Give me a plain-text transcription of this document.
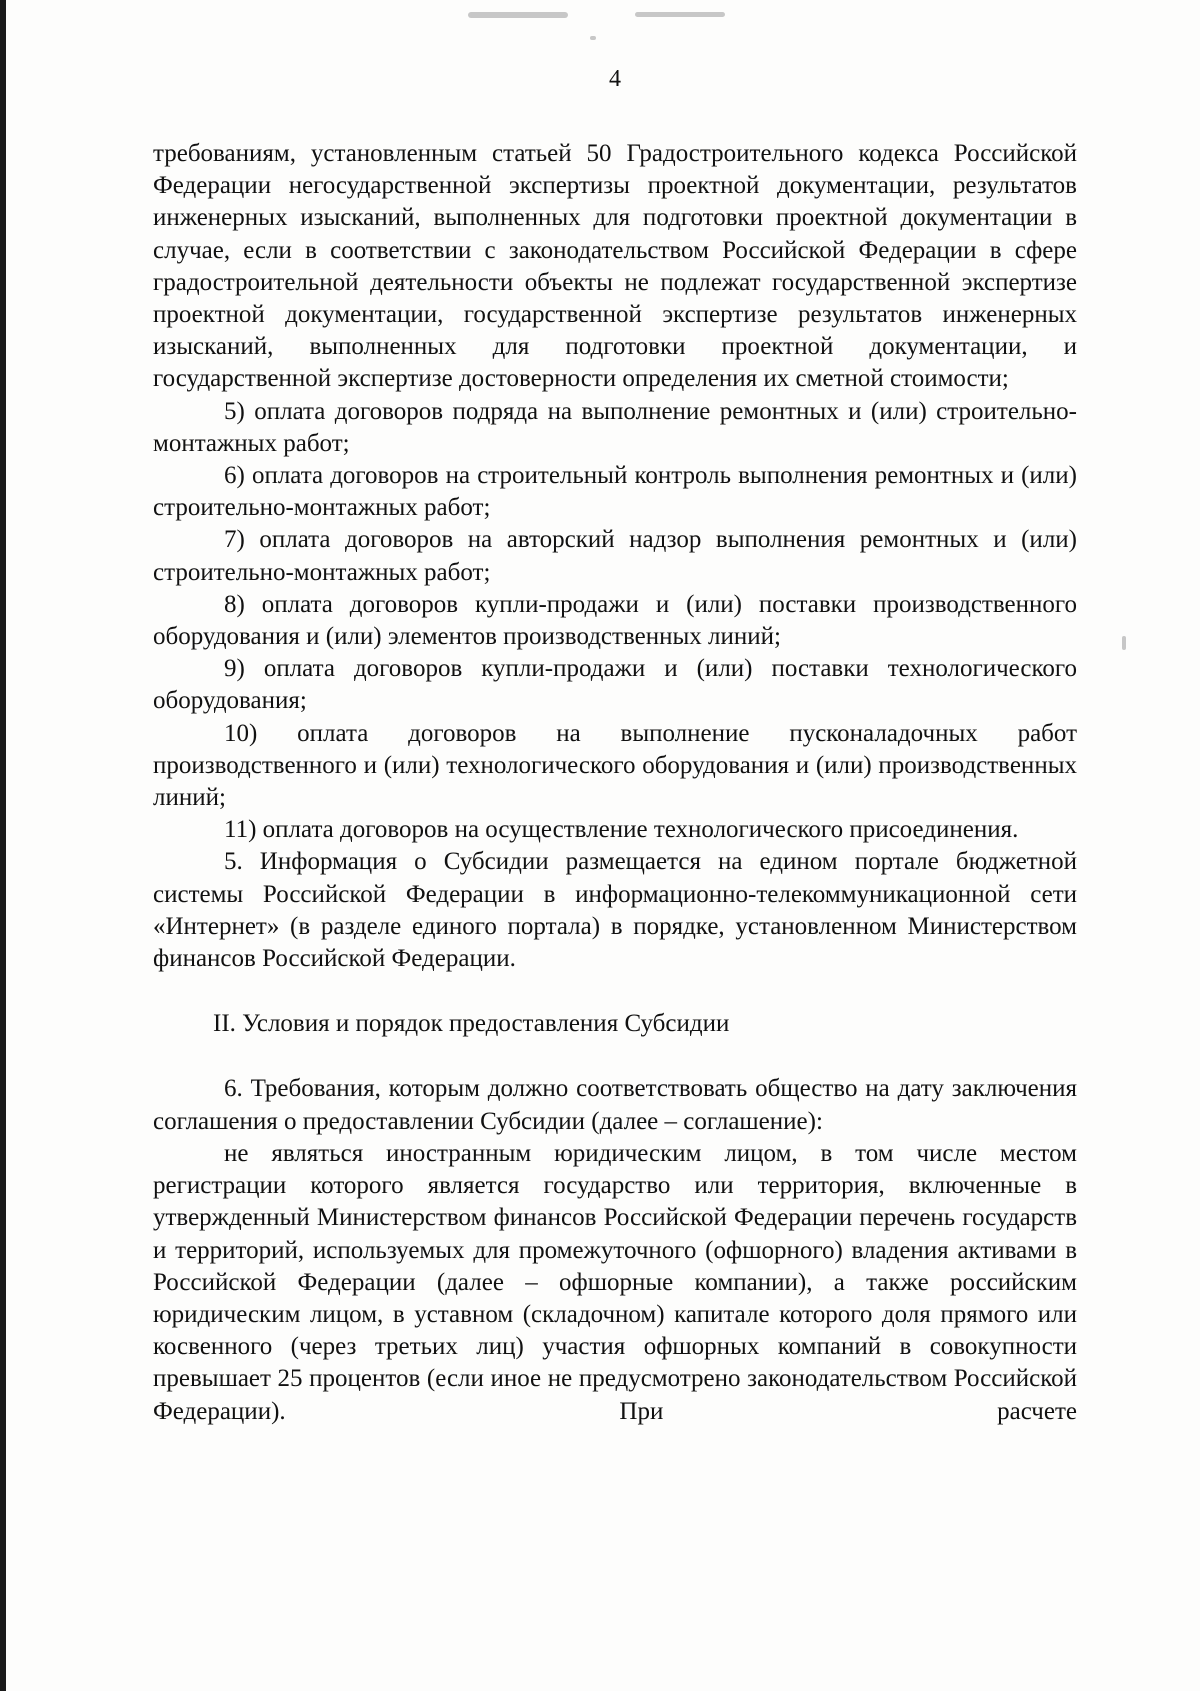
4

требованиям, установленным статьей 50 Градостроительного кодекса Российской Федерации негосударственной экспертизы проектной документации, результатов инженерных изысканий, выполненных для подготовки проектной документации в случае, если в соответствии с законодательством Российской Федерации в сфере градостроительной деятельности объекты не подлежат государственной экспертизе проектной документации, государственной экспертизе результатов инженерных изысканий, выполненных для подготовки проектной документации, и государственной экспертизе достоверности определения их сметной стоимости;

5) оплата договоров подряда на выполнение ремонтных и (или) строительно-монтажных работ;

6) оплата договоров на строительный контроль выполнения ремонтных и (или) строительно-монтажных работ;

7) оплата договоров на авторский надзор выполнения ремонтных и (или) строительно-монтажных работ;

8) оплата договоров купли-продажи и (или) поставки производственного оборудования и (или) элементов производственных линий;

9) оплата договоров купли-продажи и (или) поставки технологического оборудования;

10) оплата договоров на выполнение пусконаладочных работ производственного и (или) технологического оборудования и (или) производственных линий;

11) оплата договоров на осуществление технологического присоединения.

5. Информация о Субсидии размещается на едином портале бюджетной системы Российской Федерации в информационно-телекоммуникационной сети «Интернет» (в разделе единого портала) в порядке, установленном Министерством финансов Российской Федерации.

II. Условия и порядок предоставления Субсидии

6. Требования, которым должно соответствовать общество на дату заключения соглашения о предоставлении Субсидии (далее – соглашение):

не являться иностранным юридическим лицом, в том числе местом регистрации которого является государство или территория, включенные в утвержденный Министерством финансов Российской Федерации перечень государств и территорий, используемых для промежуточного (офшорного) владения активами в Российской Федерации (далее – офшорные компании), а также российским юридическим лицом, в уставном (складочном) капитале которого доля прямого или косвенного (через третьих лиц) участия офшорных компаний в совокупности превышает 25 процентов (если иное не предусмотрено законодательством Российской Федерации). При расчете
